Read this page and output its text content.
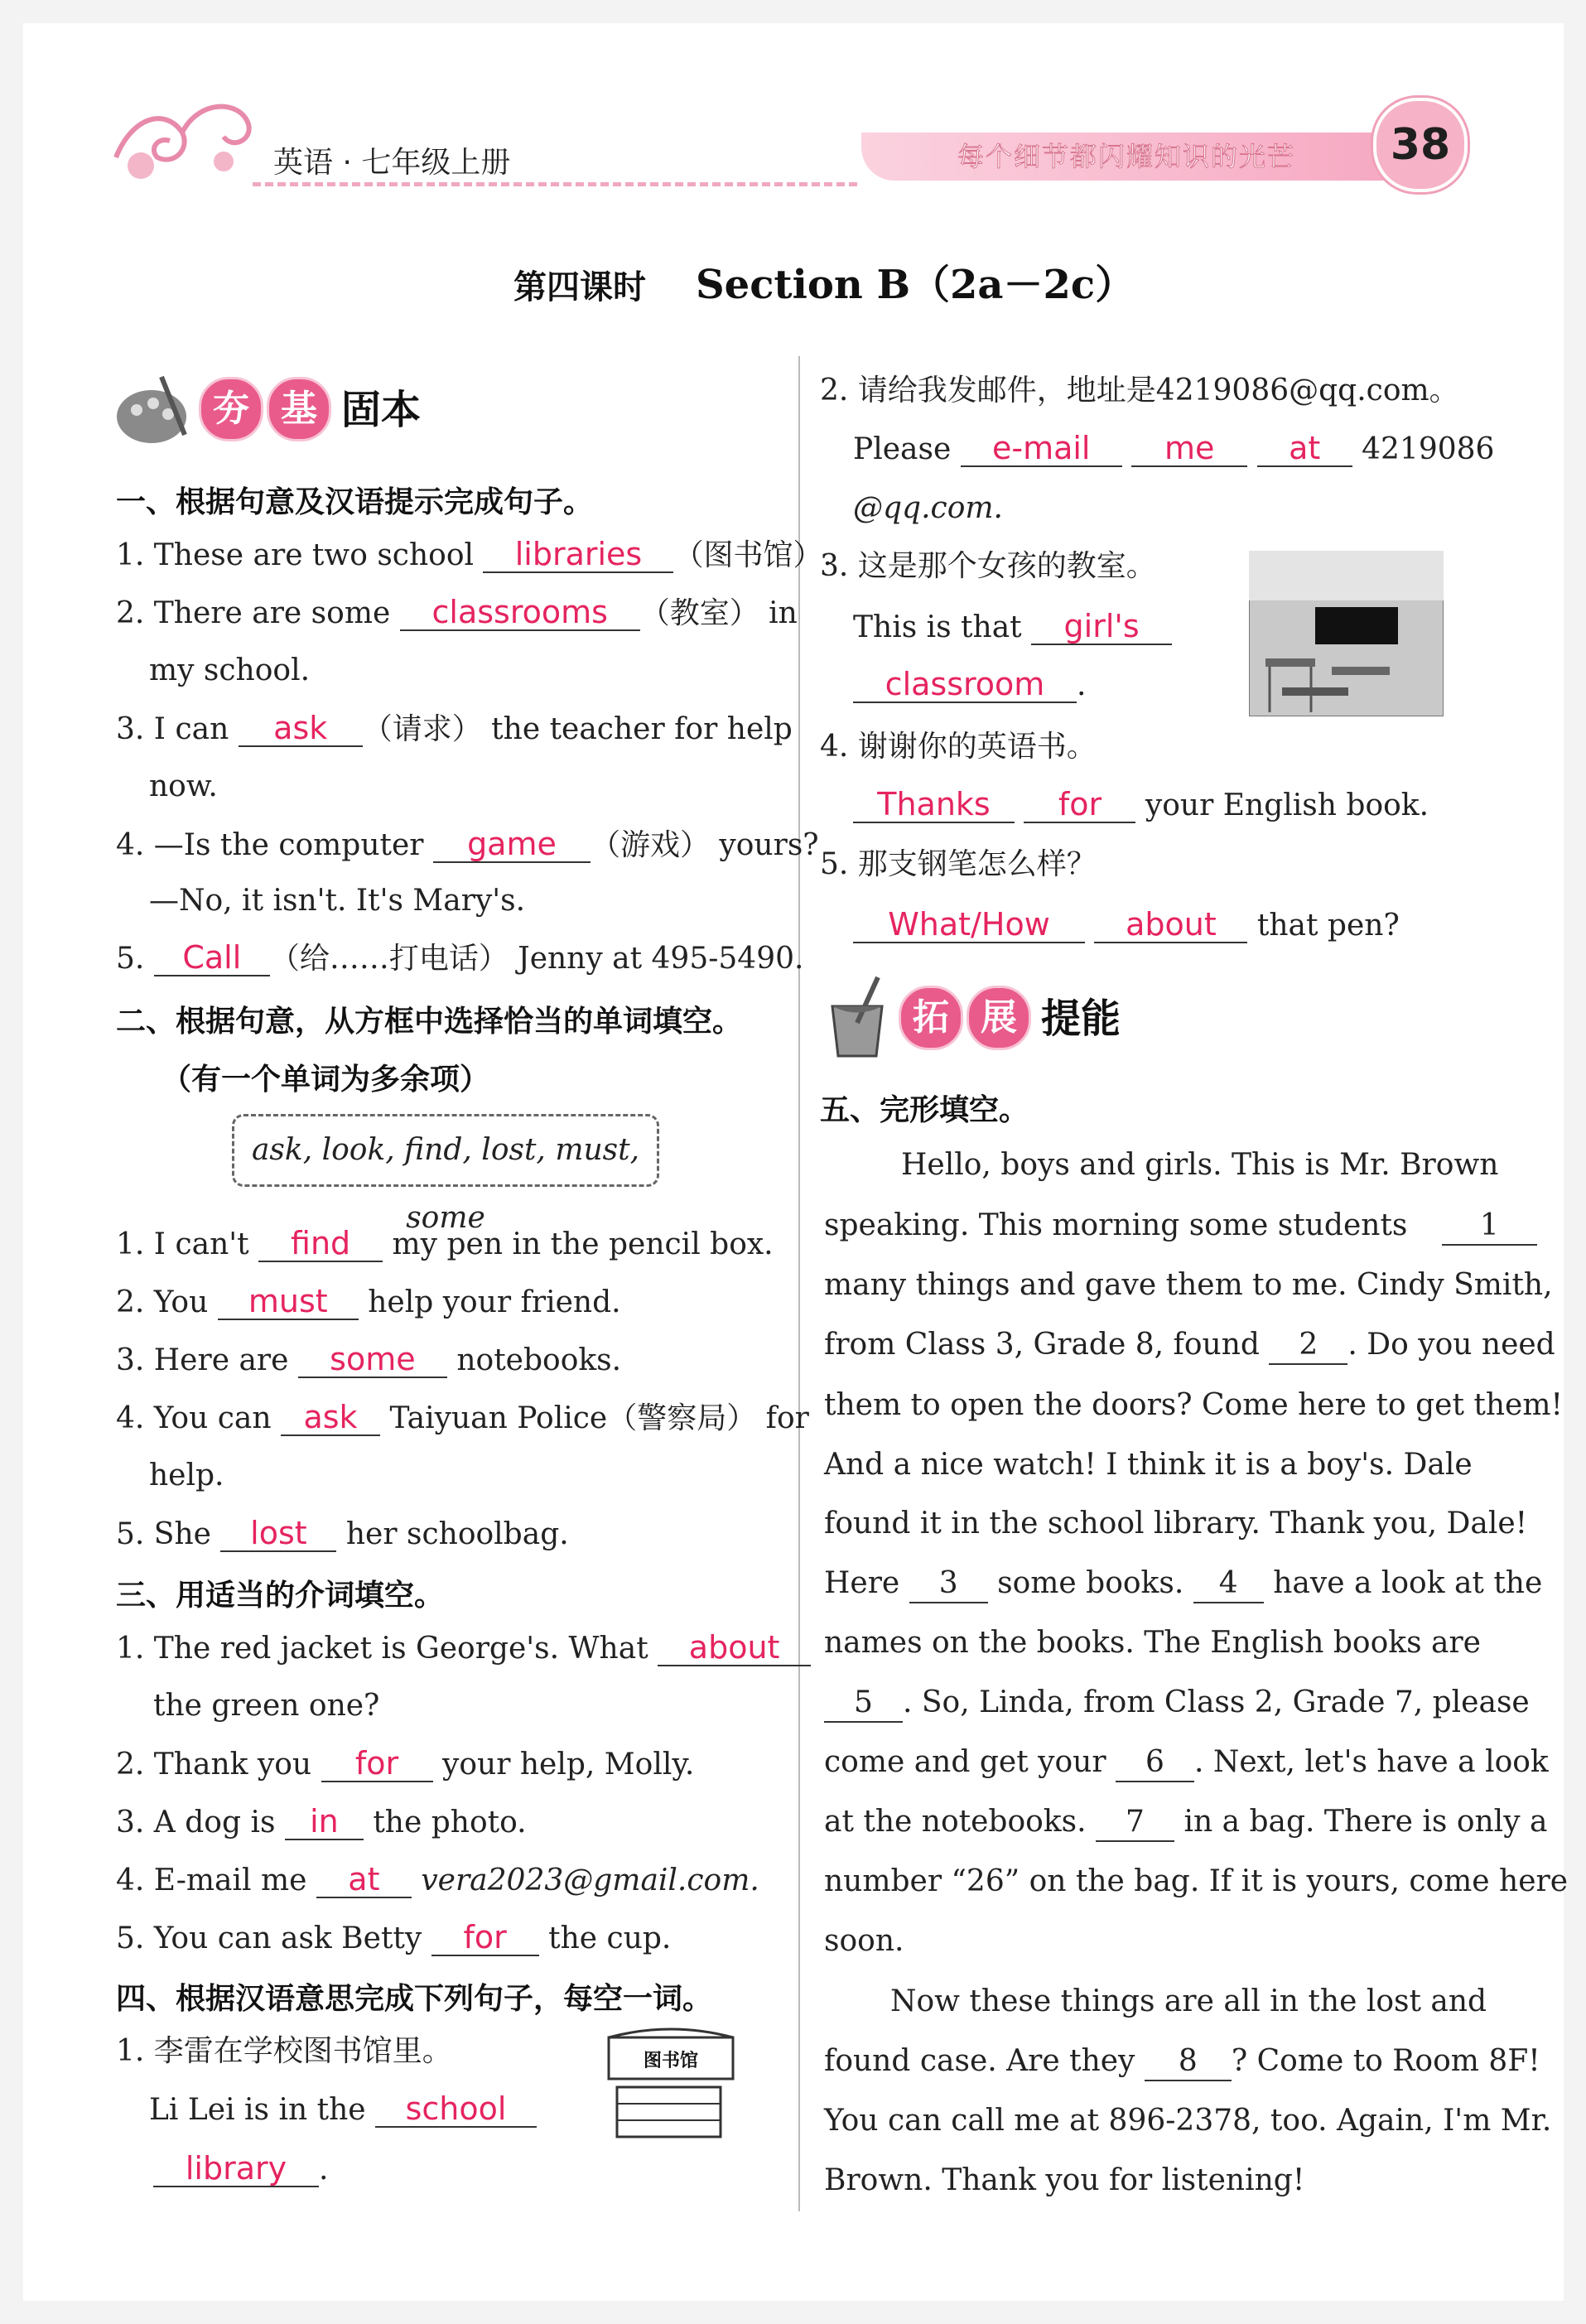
英语 · 七年级上册	每个细节都闪耀知识的光芒	38
第四课时 Section B（2a－2c）
夯 基 固本
一、根据句意及汉语提示完成句子。
1. These are two school libraries （图书馆）.
2. There are some classrooms （教室） in
my school.
3. I can ask （请求） the teacher for help
now.
4. —Is the computer game （游戏） yours?
—No, it isn't. It's Mary's.
5. Call （给……打电话） Jenny at 495-5490.
二、根据句意，从方框中选择恰当的单词填空。
（有一个单词为多余项）
ask, look, find, lost, must, some
1. I can't find my pen in the pencil box.
2. You must help your friend.
3. Here are some notebooks.
4. You can ask Taiyuan Police（警察局） for
help.
5. She lost her schoolbag.
三、用适当的介词填空。
1. The red jacket is George's. What about
the green one?
2. Thank you for your help, Molly.
3. A dog is in the photo.
4. E-mail me at vera2023@gmail.com.
5. You can ask Betty for the cup.
四、根据汉语意思完成下列句子，每空一词。
1. 李雷在学校图书馆里。
Li Lei is in the school
library .
图书馆
2. 请给我发邮件，地址是4219086@qq.com。
Please e-mail me at 4219086
@qq.com.
3. 这是那个女孩的教室。
This is that girl's
classroom .
4. 谢谢你的英语书。
Thanks for your English book.
5. 那支钢笔怎么样？
What/How about that pen?
拓 展 提能
五、完形填空。
Hello, boys and girls. This is Mr. Brown
speaking. This morning some students 1
many things and gave them to me. Cindy Smith,
from Class 3, Grade 8, found 2 . Do you need
them to open the doors? Come here to get them!
And a nice watch! I think it is a boy's. Dale
found it in the school library. Thank you, Dale!
Here 3 some books. 4 have a look at the
names on the books. The English books are
5 . So, Linda, from Class 2, Grade 7, please
come and get your 6 . Next, let's have a look
at the notebooks. 7 in a bag. There is only a
number “26” on the bag. If it is yours, come here
soon.
Now these things are all in the lost and
found case. Are they 8 ? Come to Room 8F!
You can call me at 896-2378, too. Again, I'm Mr.
Brown. Thank you for listening!
